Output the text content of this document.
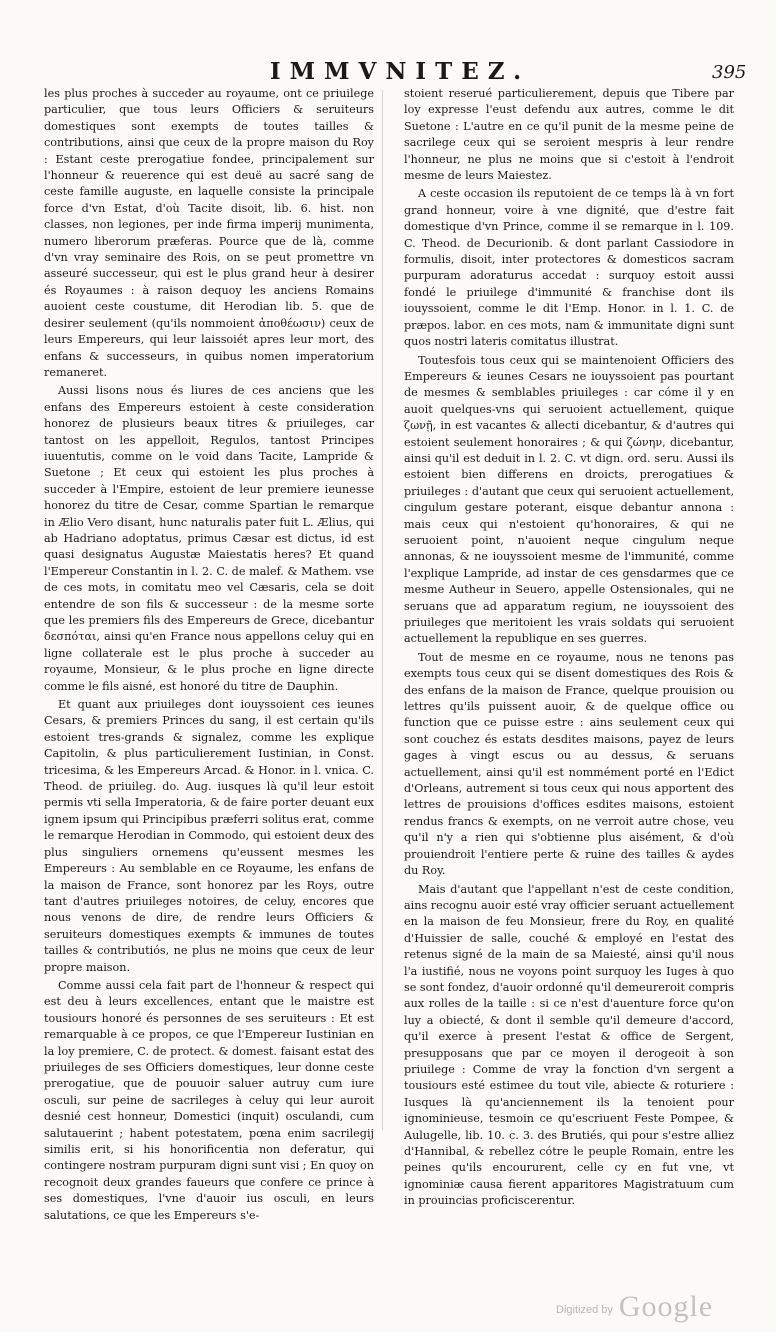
IMMVNITEZ.	395

les plus proches à succeder au royaume, ont ce priuilege particulier, que tous leurs Officiers & seruiteurs domestiques sont exempts de toutes tailles & contributions, ainsi que ceux de la propre maison du Roy : Estant ceste prerogatiue fondee, principalement sur l'honneur & reuerence qui est deuë au sacré sang de ceste famille auguste, en laquelle consiste la principale force d'vn Estat, d'où Tacite disoit, lib. 6. hist. non classes, non legiones, per inde firma imperij munimenta, numero liberorum præferas. Pource que de là, comme d'vn vray seminaire des Rois, on se peut promettre vn asseuré successeur, qui est le plus grand heur à desirer és Royaumes : à raison dequoy les anciens Romains auoient ceste coustume, dit Herodian lib. 5. que de desirer seulement (qu'ils nommoient ἀποθέωσιν) ceux de leurs Empereurs, qui leur laissoiét apres leur mort, des enfans & successeurs, in quibus nomen imperatorium remaneret.

Aussi lisons nous és liures de ces anciens que les enfans des Empereurs estoient à ceste consideration honorez de plusieurs beaux titres & priuileges, car tantost on les appelloit, Regulos, tantost Principes iuuentutis, comme on le void dans Tacite, Lampride & Suetone ; Et ceux qui estoient les plus proches à succeder à l'Empire, estoient de leur premiere ieunesse honorez du titre de Cesar, comme Spartian le remarque in Ælio Vero disant, hunc naturalis pater fuit L. Ælius, qui ab Hadriano adoptatus, primus Cæsar est dictus, id est quasi designatus Augustæ Maiestatis heres? Et quand l'Empereur Constantin in l. 2. C. de malef. & Mathem. vse de ces mots, in comitatu meo vel Cæsaris, cela se doit entendre de son fils & successeur : de la mesme sorte que les premiers fils des Empereurs de Grece, dicebantur δεσπόται, ainsi qu'en France nous appellons celuy qui en ligne collaterale est le plus proche à succeder au royaume, Monsieur, & le plus proche en ligne directe comme le fils aisné, est honoré du titre de Dauphin.

Et quant aux priuileges dont iouyssoient ces ieunes Cesars, & premiers Princes du sang, il est certain qu'ils estoient tres-grands & signalez, comme les explique Capitolin, & plus particulierement Iustinian, in Const. tricesima, & les Empereurs Arcad. & Honor. in l. vnica. C. Theod. de priuileg. do. Aug. iusques là qu'il leur estoit permis vti sella Imperatoria, & de faire porter deuant eux ignem ipsum qui Principibus præferri solitus erat, comme le remarque Herodian in Commodo, qui estoient deux des plus singuliers ornemens qu'eussent mesmes les Empereurs : Au semblable en ce Royaume, les enfans de la maison de France, sont honorez par les Roys, outre tant d'autres priuileges notoires, de celuy, encores que nous venons de dire, de rendre leurs Officiers & seruiteurs domestiques exempts & immunes de toutes tailles & contributiós, ne plus ne moins que ceux de leur propre maison.

Comme aussi cela fait part de l'honneur & respect qui est deu à leurs excellences, entant que le maistre est tousiours honoré és personnes de ses seruiteurs : Et est remarquable à ce propos, ce que l'Empereur Iustinian en la loy premiere, C. de protect. & domest. faisant estat des priuileges de ses Officiers domestiques, leur donne ceste prerogatiue, que de pouuoir saluer autruy cum iure osculi, sur peine de sacrileges à celuy qui leur auroit desnié cest honneur, Domestici (inquit) osculandi, cum salutauerint ; habent potestatem, pœna enim sacrilegij similis erit, si his honorificentia non deferatur, qui contingere nostram purpuram digni sunt visi ; En quoy on recognoit deux grandes faueurs que confere ce prince à ses domestiques, l'vne d'auoir ius osculi, en leurs salutations, ce que les Empereurs s'e-

stoient reserué particulierement, depuis que Tibere par loy expresse l'eust defendu aux autres, comme le dit Suetone : L'autre en ce qu'il punit de la mesme peine de sacrilege ceux qui se seroient mespris à leur rendre l'honneur, ne plus ne moins que si c'estoit à l'endroit mesme de leurs Maiestez.

A ceste occasion ils reputoient de ce temps là à vn fort grand honneur, voire à vne dignité, que d'estre fait domestique d'vn Prince, comme il se remarque in l. 109. C. Theod. de Decurionib. & dont parlant Cassiodore in formulis, disoit, inter protectores & domesticos sacram purpuram adoraturus accedat : surquoy estoit aussi fondé le priuilege d'immunité & franchise dont ils iouyssoient, comme le dit l'Emp. Honor. in l. 1. C. de præpos. labor. en ces mots, nam & immunitate digni sunt quos nostri lateris comitatus illustrat.

Toutesfois tous ceux qui se maintenoient Officiers des Empereurs & ieunes Cesars ne iouyssoient pas pourtant de mesmes & semblables priuileges : car cóme il y en auoit quelques-vns qui seruoient actuellement, quique ζωνῇ, in est vacantes & allecti dicebantur, & d'autres qui estoient seulement honoraires ; & qui ζώνην, dicebantur, ainsi qu'il est deduit in l. 2. C. vt dign. ord. seru. Aussi ils estoient bien differens en droicts, prerogatiues & priuileges : d'autant que ceux qui seruoient actuellement, cingulum gestare poterant, eisque debantur annona : mais ceux qui n'estoient qu'honoraires, & qui ne seruoient point, n'auoient neque cingulum neque annonas, & ne iouyssoient mesme de l'immunité, comme l'explique Lampride, ad instar de ces gensdarmes que ce mesme Autheur in Seuero, appelle Ostensionales, qui ne seruans que ad apparatum regium, ne iouyssoient des priuileges que meritoient les vrais soldats qui seruoient actuellement la republique en ses guerres.

Tout de mesme en ce royaume, nous ne tenons pas exempts tous ceux qui se disent domestiques des Rois & des enfans de la maison de France, quelque prouision ou lettres qu'ils puissent auoir, & de quelque office ou function que ce puisse estre : ains seulement ceux qui sont couchez és estats desdites maisons, payez de leurs gages à vingt escus ou au dessus, & seruans actuellement, ainsi qu'il est nommément porté en l'Edict d'Orleans, autrement si tous ceux qui nous apportent des lettres de prouisions d'offices esdites maisons, estoient rendus francs & exempts, on ne verroit autre chose, veu qu'il n'y a rien qui s'obtienne plus aisément, & d'où prouiendroit l'entiere perte & ruine des tailles & aydes du Roy.

Mais d'autant que l'appellant n'est de ceste condition, ains recognu auoir esté vray officier seruant actuellement en la maison de feu Monsieur, frere du Roy, en qualité d'Huissier de salle, couché & employé en l'estat des retenus signé de la main de sa Maiesté, ainsi qu'il nous l'a iustifié, nous ne voyons point surquoy les Iuges à quo se sont fondez, d'auoir ordonné qu'il demeureroit compris aux rolles de la taille : si ce n'est d'auenture force qu'on luy a obiecté, & dont il semble qu'il demeure d'accord, qu'il exerce à present l'estat & office de Sergent, presupposans que par ce moyen il derogeoit à son priuilege : Comme de vray la fonction d'vn sergent a tousiours esté estimee du tout vile, abiecte & roturiere : Iusques là qu'anciennement ils la tenoient pour ignominieuse, tesmoin ce qu'escriuent Feste Pompee, & Aulugelle, lib. 10. c. 3. des Brutiés, qui pour s'estre alliez d'Hannibal, & rebellez cótre le peuple Romain, entre les peines qu'ils encoururent, celle cy en fut vne, vt ignominiæ causa fierent apparitores Magistratuum cum in prouincias proficiscerentur.

Digitized by Google
